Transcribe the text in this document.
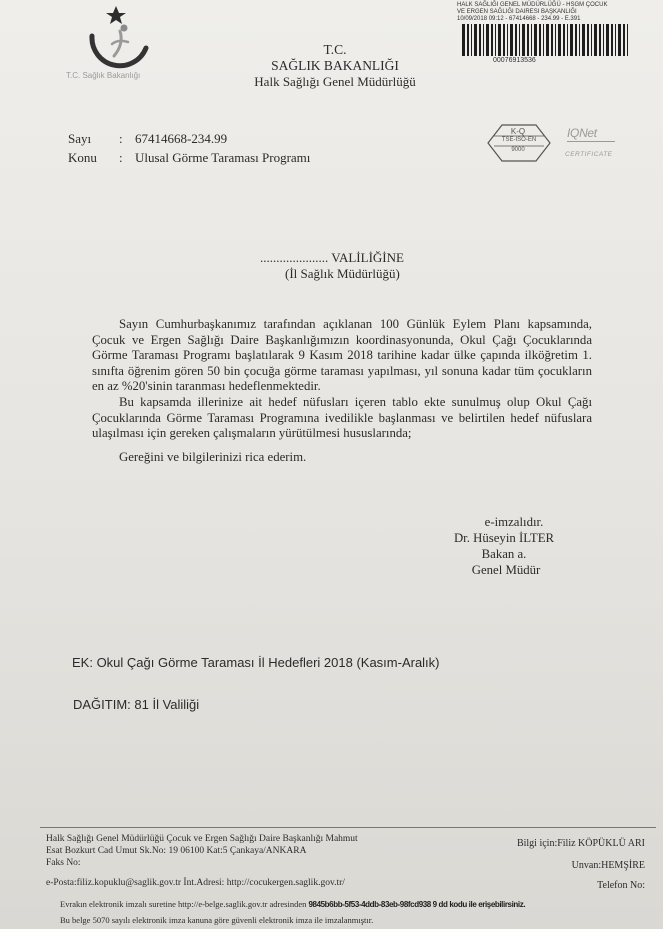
T.C. Sağlık Bakanlığı
T.C.
SAĞLIK BAKANLIĞI
Halk Sağlığı Genel Müdürlüğü
HALK SAĞLIĞI GENEL MÜDÜRLÜĞÜ - HSGM ÇOCUK
VE ERGEN SAĞLIĞI DAIRESI BAŞKANLIĞI
10/09/2018 09:12 - 67414668 - 234.99 - E.391
00076913536
Sayı : 67414668-234.99
Konu : Ulusal Görme Taraması Programı
K-Q
TSE-ISO-EN
9000
IQNet
CERTIFICATE
..................... VALİLİĞİNE
(İl Sağlık Müdürlüğü)
Sayın Cumhurbaşkanımız tarafından açıklanan 100 Günlük Eylem Planı kapsamında, Çocuk ve Ergen Sağlığı Daire Başkanlığımızın koordinasyonunda, Okul Çağı Çocuklarında Görme Taraması Programı başlatılarak 9 Kasım 2018 tarihine kadar ülke çapında ilköğretim 1. sınıfta öğrenim gören 50 bin çocuğa görme taraması yapılması, yıl sonuna kadar tüm çocukların en az %20'sinin taranması hedeflenmektedir.
Bu kapsamda illerinize ait hedef nüfusları içeren tablo ekte sunulmuş olup Okul Çağı Çocuklarında Görme Taraması Programına ivedilikle başlanması ve belirtilen hedef nüfuslara ulaşılması için gereken çalışmaların yürütülmesi hususlarında;
Gereğini ve bilgilerinizi rica ederim.
e-imzalıdır.
Dr. Hüseyin İLTER
Bakan a.
Genel Müdür
EK: Okul Çağı Görme Taraması İl Hedefleri 2018 (Kasım-Aralık)
DAĞITIM: 81 İl Valiliği
Halk Sağlığı Genel Müdürlüğü Çocuk ve Ergen Sağlığı Daire Başkanlığı Mahmut
Esat Bozkurt Cad Umut Sk.No: 19 06100 Kat:5 Çankaya/ANKARA
Faks No:
e-Posta:filiz.kopuklu@saglik.gov.tr İnt.Adresi: http://cocukergen.saglik.gov.tr/
Bilgi için:Filiz KÖPÜKLÜ ARI
Unvan:HEMŞİRE
Telefon No:
Evrakın elektronik imzalı suretine http://e-belge.saglik.gov.tr adresinden 9845b6bb-5f53-4ddb-83eb-98fcd938 9 dd kodu ile erişebilirsiniz.
Bu belge 5070 sayılı elektronik imza kanuna göre güvenli elektronik imza ile imzalanmıştır.
